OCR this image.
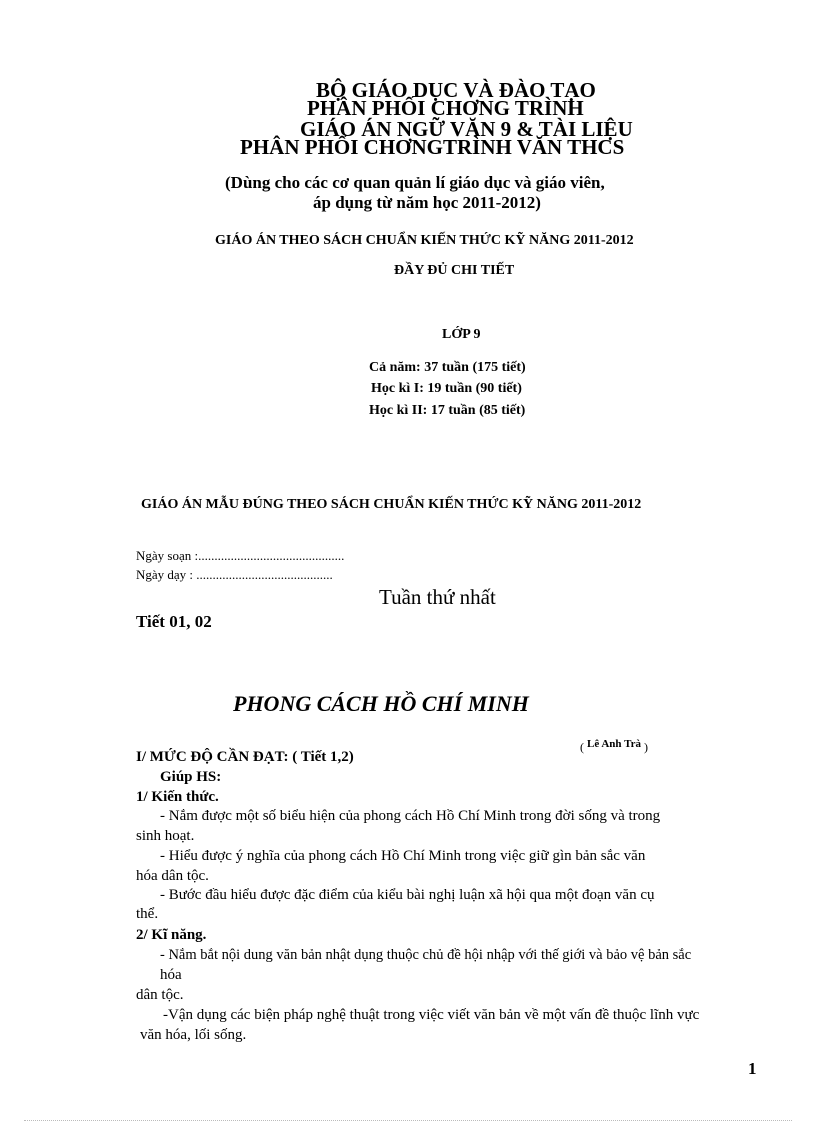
BỘ GIÁO DỤC VÀ ĐÀO TẠO
PHÂN PHỐI CHƠNG TRÌNH
GIÁO ÁN NGỮ VĂN 9 & TÀI LIỆU
PHÂN PHỐI CHƠNGTRÌNH VĂN THCS
(Dùng cho các cơ quan quản lí giáo dục và giáo viên,
áp dụng từ năm học 2011-2012)
GIÁO ÁN THEO SÁCH CHUẨN KIẾN THỨC KỸ NĂNG 2011-2012
ĐẦY ĐỦ CHI TIẾT
LỚP 9
Cả năm: 37 tuần (175 tiết)
Học kì I: 19 tuần (90 tiết)
Học kì II: 17 tuần (85 tiết)
GIÁO ÁN MẪU ĐÚNG THEO SÁCH CHUẨN KIẾN THỨC KỸ NĂNG 2011-2012
Ngày soạn :.............................................
Ngày dạy : ..........................................
Tuần thứ nhất
Tiết 01, 02
PHONG CÁCH HỒ CHÍ MINH
( Lê Anh Trà )
I/ MỨC ĐỘ CẦN ĐẠT: ( Tiết 1,2)
Giúp HS:
1/ Kiến thức.
- Nắm được một số biểu hiện của phong cách Hồ Chí Minh trong đời sống và trong
sinh hoạt.
- Hiểu được ý nghĩa của phong cách Hồ Chí Minh trong việc giữ gìn bản sắc văn
hóa dân tộc.
- Bước đầu hiểu được đặc điểm của kiểu bài nghị luận xã hội qua một đoạn văn cụ
thể.
2/ Kĩ năng.
- Nắm bắt nội dung văn bản nhật dụng thuộc chủ đề hội nhập với thế giới và bảo vệ bản sắc
hóa
dân tộc.
-Vận dụng các biện pháp nghệ thuật trong việc viết văn bản về một vấn đề thuộc lĩnh vực
văn hóa, lối sống.
1
